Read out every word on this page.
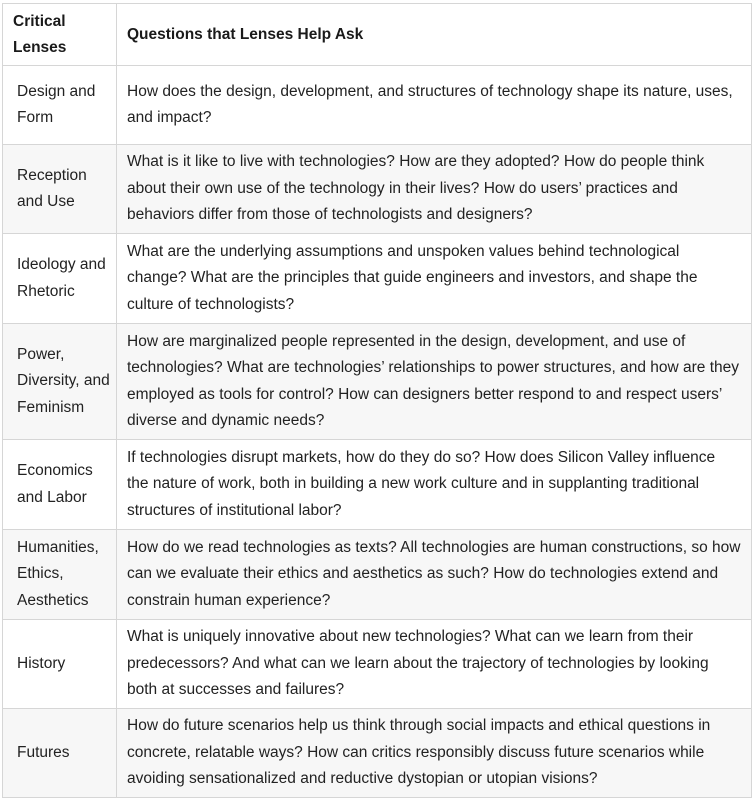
Critical Lenses	Questions that Lenses Help Ask
Design and Form	How does the design, development, and structures of technology shape its nature, uses, and impact?
Reception and Use	What is it like to live with technologies? How are they adopted? How do people think about their own use of the technology in their lives? How do users’ practices and behaviors differ from those of technologists and designers?
Ideology and Rhetoric	What are the underlying assumptions and unspoken values behind technological change? What are the principles that guide engineers and investors, and shape the culture of technologists?
Power, Diversity, and Feminism	How are marginalized people represented in the design, development, and use of technologies? What are technologies’ relationships to power structures, and how are they employed as tools for control? How can designers better respond to and respect users’ diverse and dynamic needs?
Economics and Labor	If technologies disrupt markets, how do they do so? How does Silicon Valley influence the nature of work, both in building a new work culture and in supplanting traditional structures of institutional labor?
Humanities, Ethics, Aesthetics	How do we read technologies as texts? All technologies are human constructions, so how can we evaluate their ethics and aesthetics as such? How do technologies extend and constrain human experience?
History	What is uniquely innovative about new technologies? What can we learn from their predecessors? And what can we learn about the trajectory of technologies by looking both at successes and failures?
Futures	How do future scenarios help us think through social impacts and ethical questions in concrete, relatable ways? How can critics responsibly discuss future scenarios while avoiding sensationalized and reductive dystopian or utopian visions?
